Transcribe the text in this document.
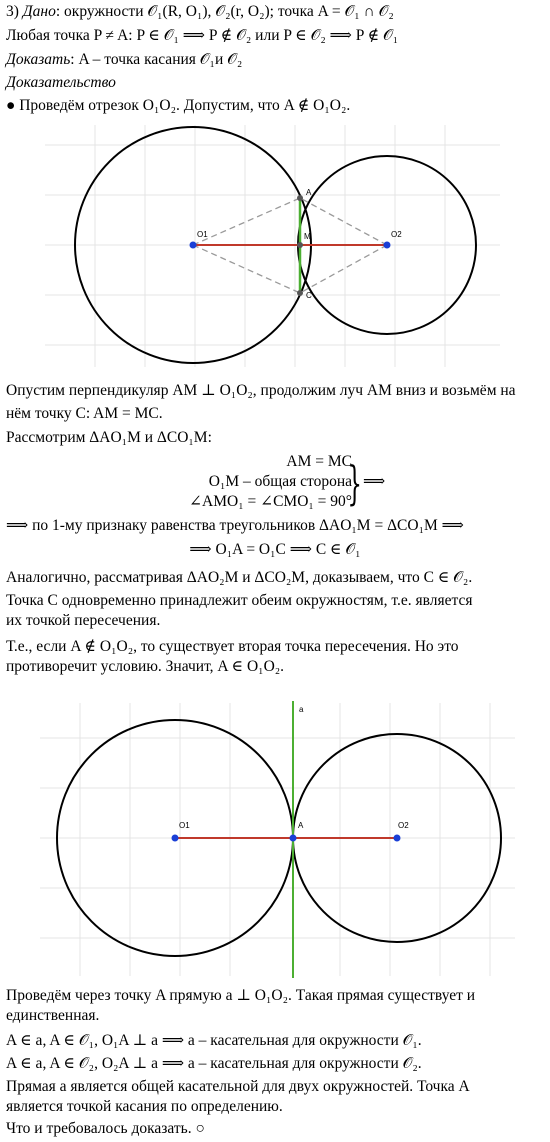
3) Дано: окружности 𝒪₁(R, O₁), 𝒪₂(r, O₂); точка A = 𝒪₁ ∩ 𝒪₂
Любая точка P ≠ A: P ∈ 𝒪₁ ⟹ P ∉ 𝒪₂ или P ∈ 𝒪₂ ⟹ P ∉ 𝒪₁
Доказать: A – точка касания 𝒪₁и 𝒪₂
Доказательство
● Проведём отрезок O₁O₂. Допустим, что A ∉ O₁O₂.
O1	O2
A
M
C
Опустим перпендикуляр AM ⊥ O₁O₂, продолжим луч AM вниз и возьмём на
нём точку C: AM = MC.
Рассмотрим ΔAO₁M и ΔCO₁M:
AM = MC
O₁M – общая сторона
∠AMO₁ = ∠CMO₁ = 90°
} ⟹
⟹ по 1-му признаку равенства треугольников ΔAO₁M = ΔCO₁M ⟹
⟹ O₁A = O₁C ⟹ C ∈ 𝒪₁
Аналогично, рассматривая ΔAO₂M и ΔCO₂M, доказываем, что C ∈ 𝒪₂.
Точка C одновременно принадлежит обеим окружностям, т.е. является их точкой пересечения.
Т.е., если A ∉ O₁O₂, то существует вторая точка пересечения. Но это противоречит условию. Значит, A ∈ O₁O₂.
O1	O2
A
a
Проведём через точку A прямую a ⊥ O₁O₂. Такая прямая существует и единственная.
A ∈ a, A ∈ 𝒪₁, O₁A ⊥ a ⟹ a – касательная для окружности 𝒪₁.
A ∈ a, A ∈ 𝒪₂, O₂A ⊥ a ⟹ a – касательная для окружности 𝒪₂.
Прямая a является общей касательной для двух окружностей. Точка A является точкой касания по определению.
Что и требовалось доказать. ○
